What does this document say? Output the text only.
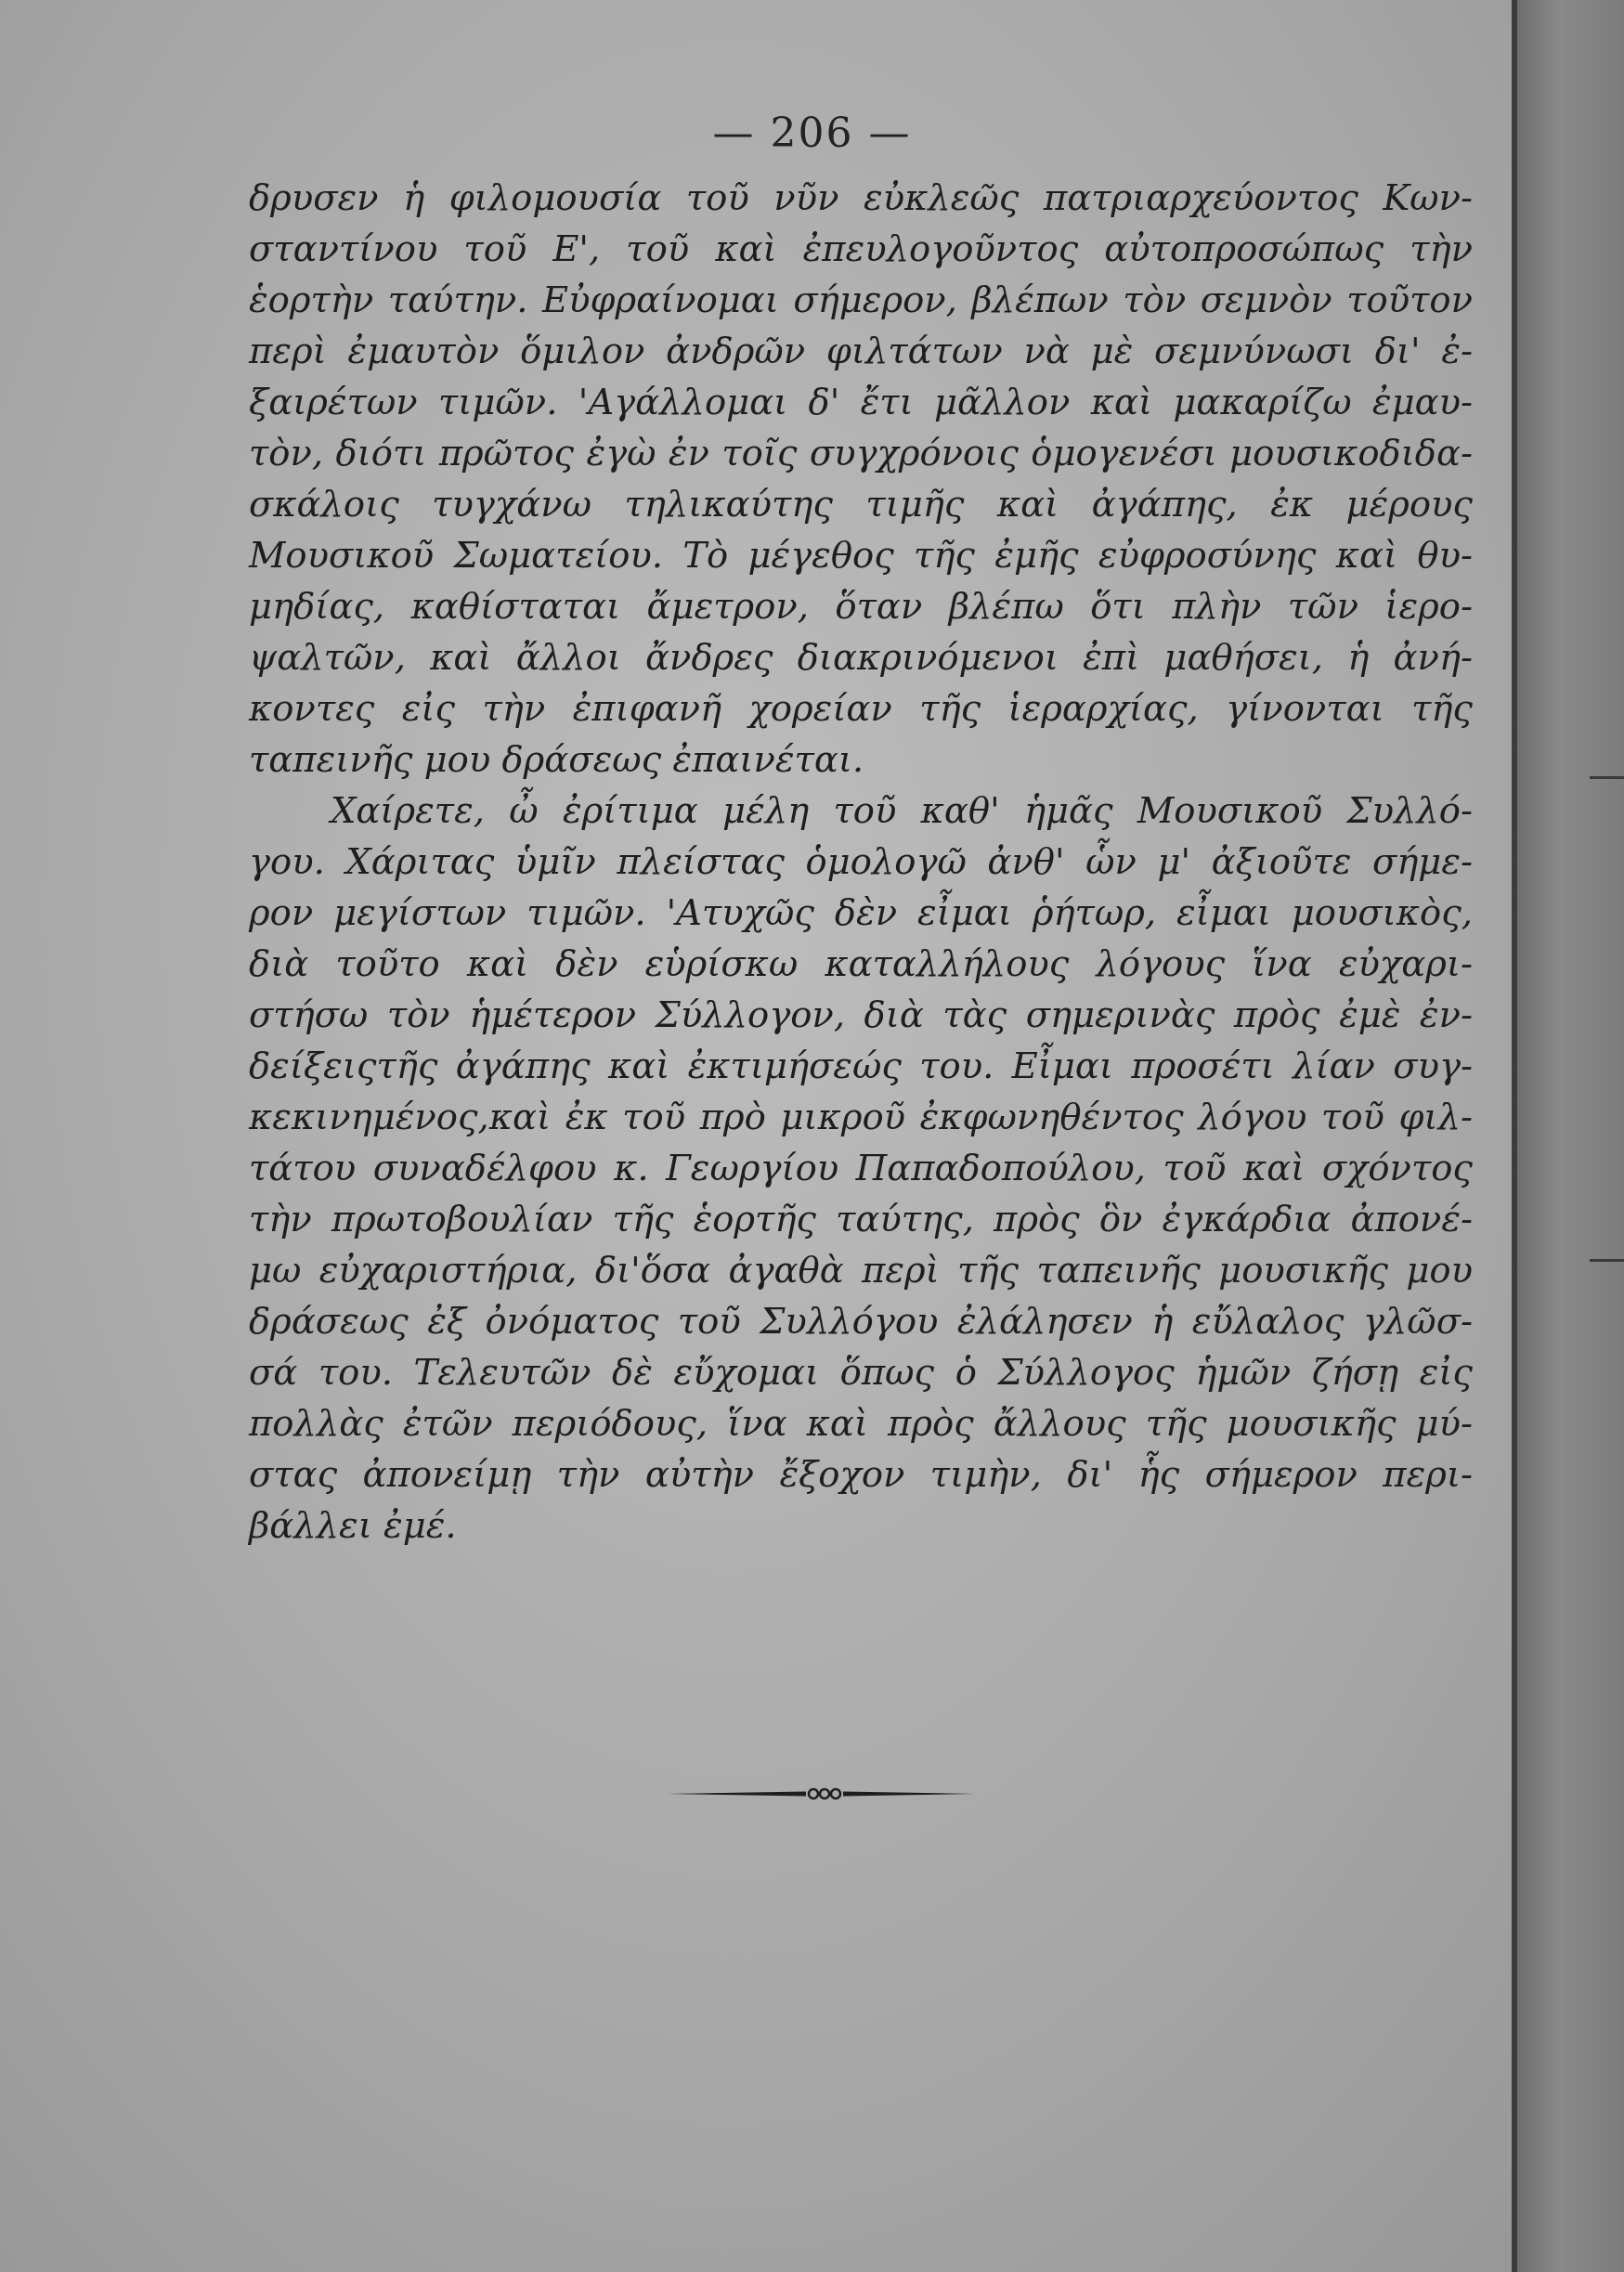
— 206 —
δρυσεν ἡ φιλομουσία τοῦ νῦν εὐκλεῶς πατριαρχεύοντος Κων-
σταντίνου τοῦ Ε', τοῦ καὶ ἐπευλογοῦντος αὐτοπροσώπως τὴν
ἑορτὴν ταύτην. Εὐφραίνομαι σήμερον, βλέπων τὸν σεμνὸν τοῦτον
περὶ ἐμαυτὸν ὅμιλον ἀνδρῶν φιλτάτων νὰ μὲ σεμνύνωσι δι' ἐ-
ξαιρέτων τιμῶν. 'Αγάλλομαι δ' ἔτι μᾶλλον καὶ μακαρίζω ἐμαυ-
τὸν, διότι πρῶτος ἐγὼ ἐν τοῖς συγχρόνοις ὁμογενέσι μουσικοδιδα-
σκάλοις τυγχάνω τηλικαύτης τιμῆς καὶ ἀγάπης, ἐκ μέρους
Μουσικοῦ Σωματείου. Τὸ μέγεθος τῆς ἐμῆς εὐφροσύνης καὶ θυ-
μηδίας, καθίσταται ἄμετρον, ὅταν βλέπω ὅτι πλὴν τῶν ἱερο-
ψαλτῶν, καὶ ἄλλοι ἄνδρες διακρινόμενοι ἐπὶ μαθήσει, ἡ ἀνή-
κοντες εἰς τὴν ἐπιφανῆ χορείαν τῆς ἱεραρχίας, γίνονται τῆς
ταπεινῆς μου δράσεως ἐπαινέται.
Χαίρετε, ὦ ἐρίτιμα μέλη τοῦ καθ' ἡμᾶς Μουσικοῦ Συλλό-
γου. Χάριτας ὑμῖν πλείστας ὁμολογῶ ἀνθ' ὧν μ' ἀξιοῦτε σήμε-
ρον μεγίστων τιμῶν. 'Ατυχῶς δὲν εἶμαι ῥήτωρ, εἶμαι μουσικὸς,
διὰ τοῦτο καὶ δὲν εὑρίσκω καταλλήλους λόγους ἵνα εὐχαρι-
στήσω τὸν ἡμέτερον Σύλλογον, διὰ τὰς σημερινὰς πρὸς ἐμὲ ἐν-
δείξειςτῆς ἀγάπης καὶ ἐκτιμήσεώς του. Εἶμαι προσέτι λίαν συγ-
κεκινημένος,καὶ ἐκ τοῦ πρὸ μικροῦ ἐκφωνηθέντος λόγου τοῦ φιλ-
τάτου συναδέλφου κ. Γεωργίου Παπαδοπούλου, τοῦ καὶ σχόντος
τὴν πρωτοβουλίαν τῆς ἑορτῆς ταύτης, πρὸς ὃν ἐγκάρδια ἀπονέ-
μω εὐχαριστήρια, δι'ὅσα ἀγαθὰ περὶ τῆς ταπεινῆς μουσικῆς μου
δράσεως ἐξ ὀνόματος τοῦ Συλλόγου ἐλάλησεν ἡ εὔλαλος γλῶσ-
σά του. Τελευτῶν δὲ εὔχομαι ὅπως ὁ Σύλλογος ἡμῶν ζήσῃ εἰς
πολλὰς ἐτῶν περιόδους, ἵνα καὶ πρὸς ἄλλους τῆς μουσικῆς μύ-
στας ἀπονείμῃ τὴν αὐτὴν ἔξοχον τιμὴν, δι' ἧς σήμερον περι-
βάλλει ἐμέ.
